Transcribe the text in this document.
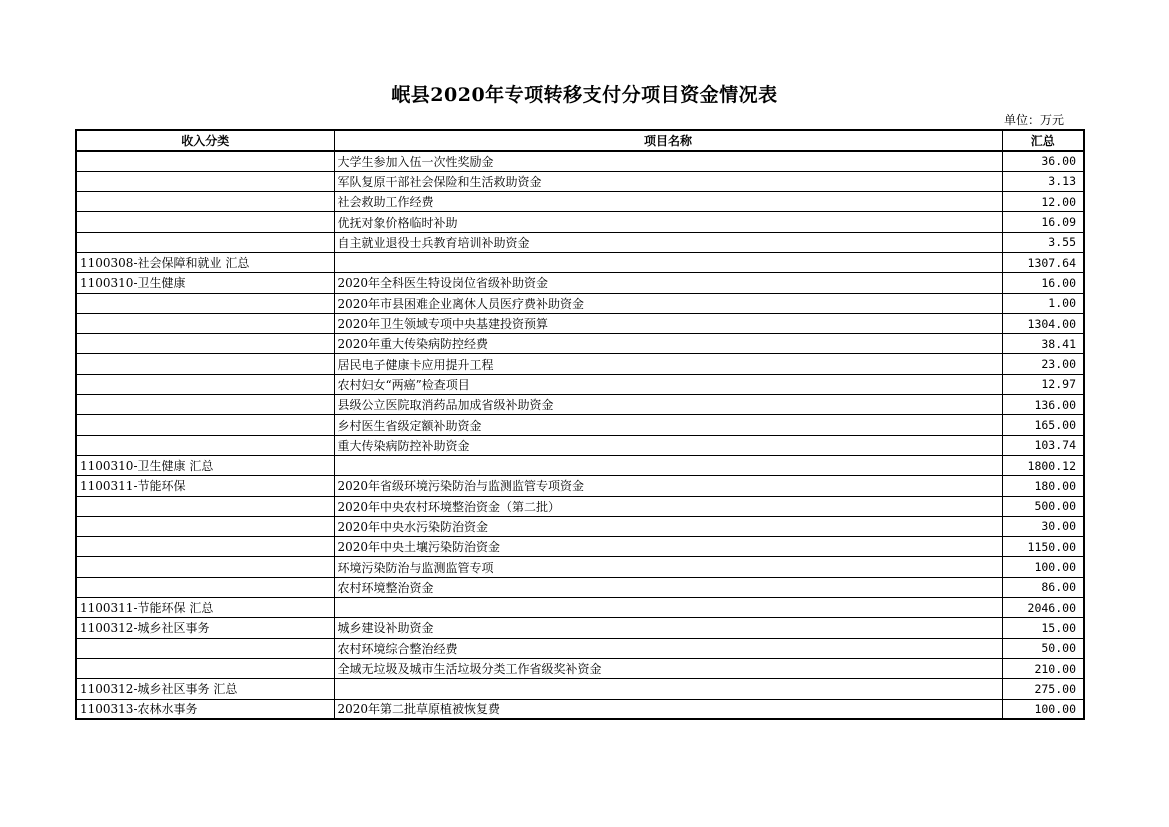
岷县2020年专项转移支付分项目资金情况表
单位：万元
收入分类	项目名称	汇总
	大学生参加入伍一次性奖励金	36.00
	军队复原干部社会保险和生活救助资金	3.13
	社会救助工作经费	12.00
	优抚对象价格临时补助	16.09
	自主就业退役士兵教育培训补助资金	3.55
1100308-社会保障和就业 汇总		1307.64
1100310-卫生健康	2020年全科医生特设岗位省级补助资金	16.00
	2020年市县困难企业离休人员医疗费补助资金	1.00
	2020年卫生领域专项中央基建投资预算	1304.00
	2020年重大传染病防控经费	38.41
	居民电子健康卡应用提升工程	23.00
	农村妇女“两癌”检查项目	12.97
	县级公立医院取消药品加成省级补助资金	136.00
	乡村医生省级定额补助资金	165.00
	重大传染病防控补助资金	103.74
1100310-卫生健康 汇总		1800.12
1100311-节能环保	2020年省级环境污染防治与监测监管专项资金	180.00
	2020年中央农村环境整治资金（第二批）	500.00
	2020年中央水污染防治资金	30.00
	2020年中央土壤污染防治资金	1150.00
	环境污染防治与监测监管专项	100.00
	农村环境整治资金	86.00
1100311-节能环保 汇总		2046.00
1100312-城乡社区事务	城乡建设补助资金	15.00
	农村环境综合整治经费	50.00
	全域无垃圾及城市生活垃圾分类工作省级奖补资金	210.00
1100312-城乡社区事务 汇总		275.00
1100313-农林水事务	2020年第二批草原植被恢复费	100.00
